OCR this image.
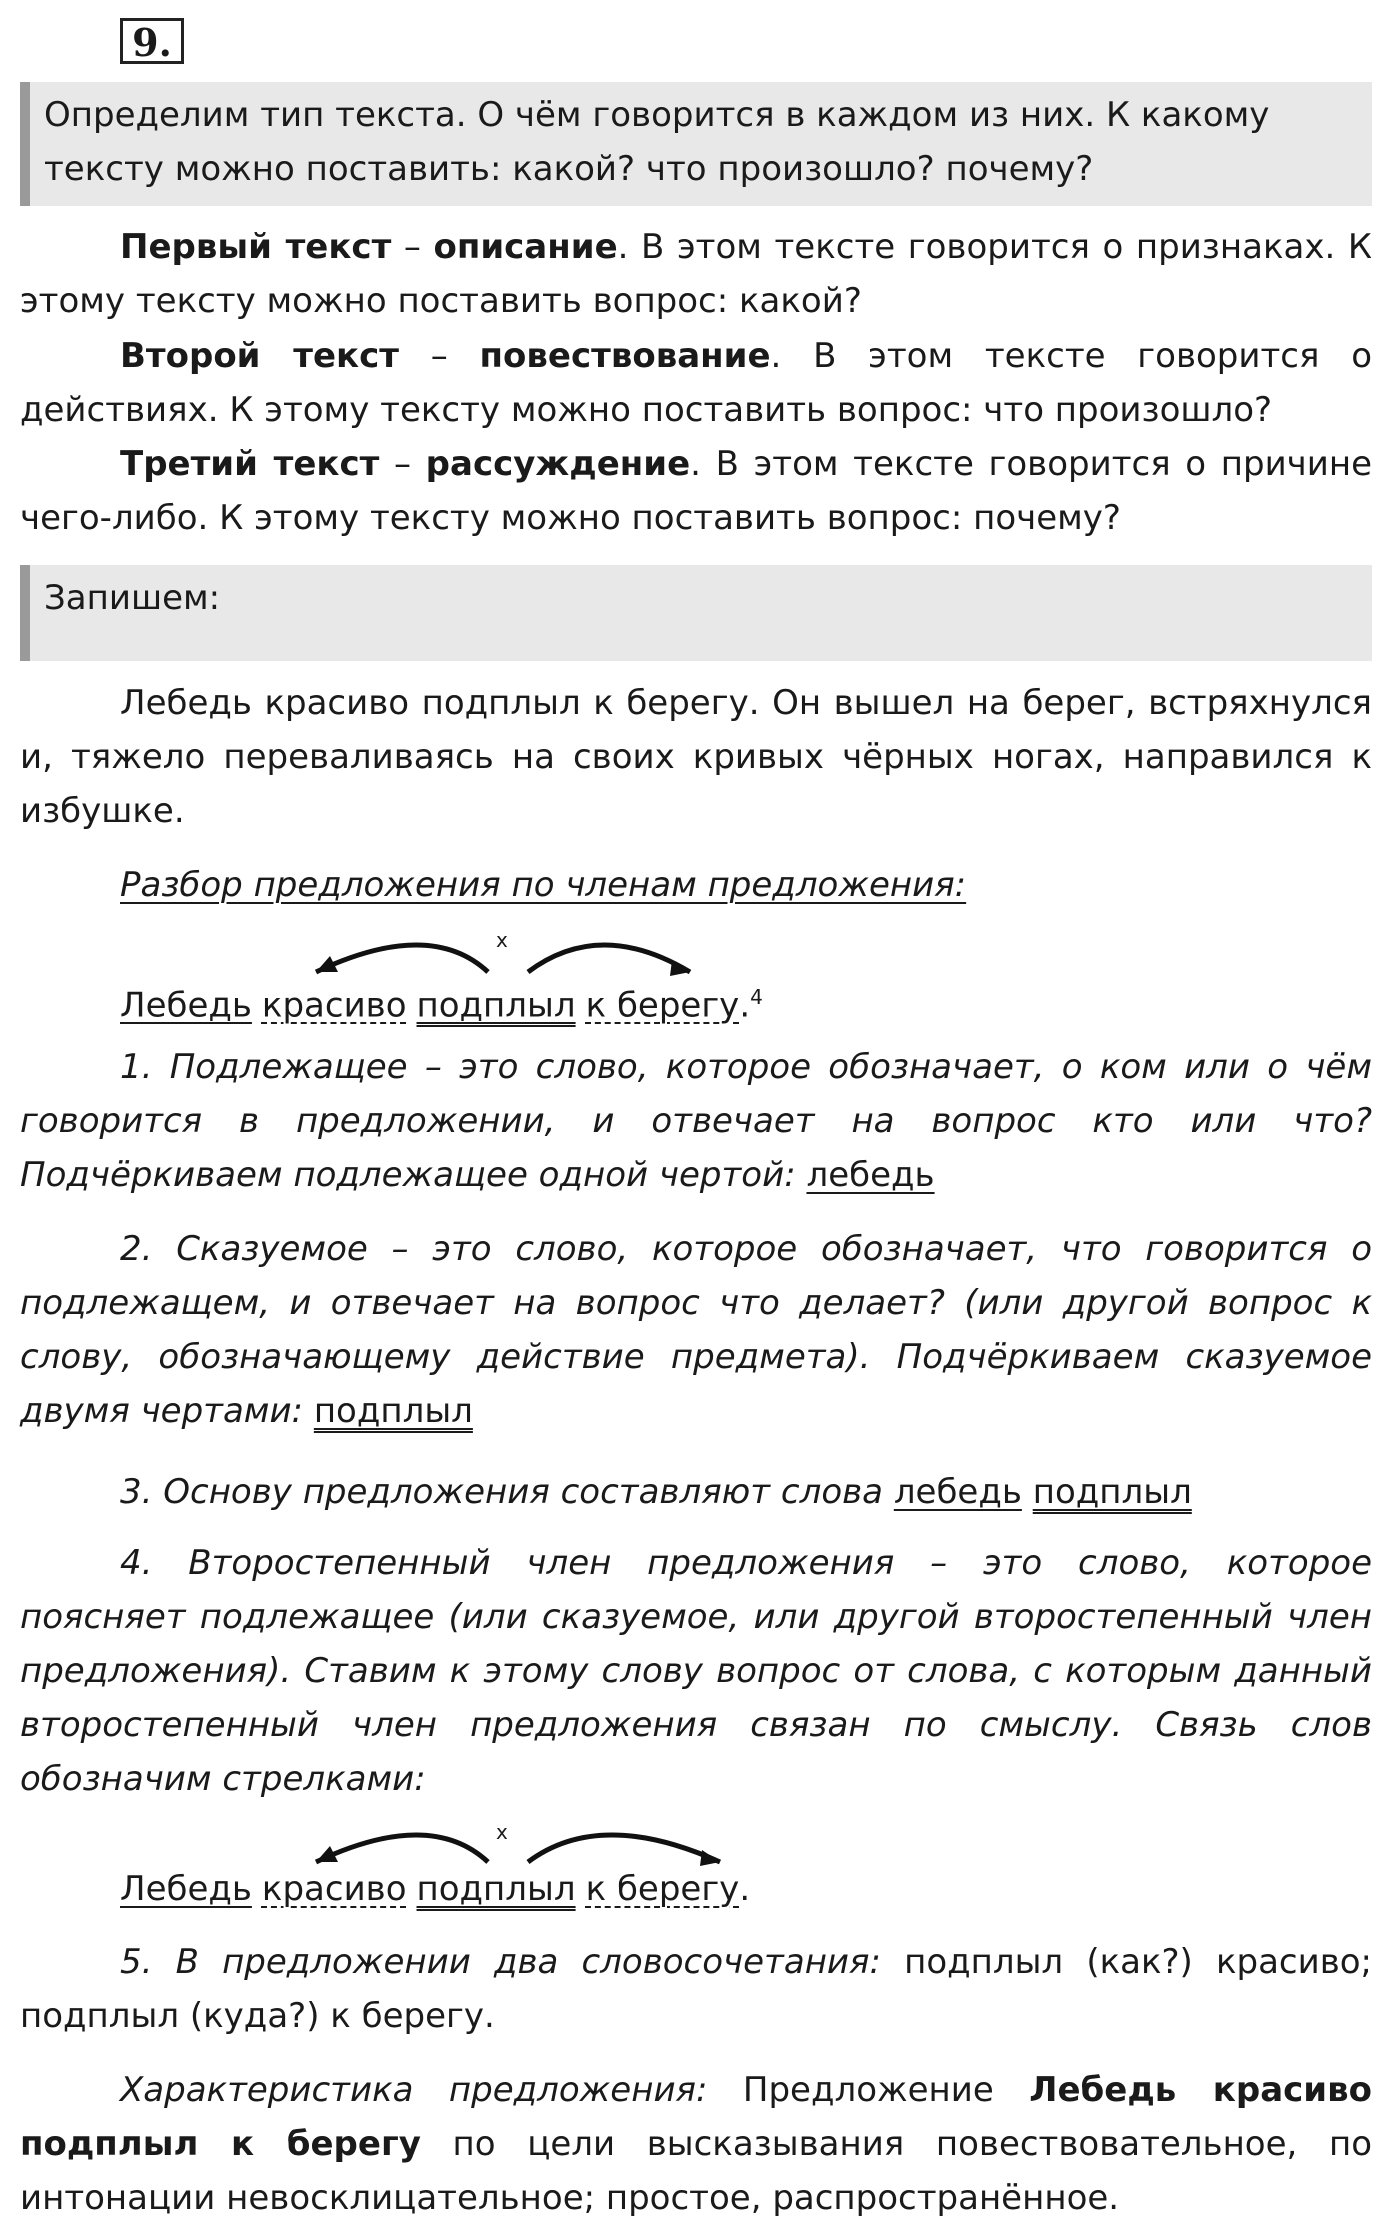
9.
Определим тип текста. О чём говорится в каждом из них. К какому тексту можно поставить: какой? что произошло? почему?

Первый текст – описание. В этом тексте говорится о признаках. К этому тексту можно поставить вопрос: какой?

Второй текст – повествование. В этом тексте говорится о действиях. К этому тексту можно поставить вопрос: что произошло?

Третий текст – рассуждение. В этом тексте говорится о причине чего-либо. К этому тексту можно поставить вопрос: почему?

Запишем:

Лебедь красиво подплыл к берегу. Он вышел на берег, встряхнулся и, тяжело переваливаясь на своих кривых чёрных ногах, направился к избушке.

Разбор предложения по членам предложения:
x
Лебедь красиво подплыл к берегу.$^4$

1. Подлежащее – это слово, которое обозначает, о ком или о чём говорится в предложении, и отвечает на вопрос кто или что? Подчёркиваем подлежащее одной чертой: лебедь

2. Сказуемое – это слово, которое обозначает, что говорится о подлежащем, и отвечает на вопрос что делает? (или другой вопрос к слову, обозначающему действие предмета). Подчёркиваем сказуемое двумя чертами: подплыл

3. Основу предложения составляют слова лебедь подплыл

4. Второстепенный член предложения – это слово, которое поясняет подлежащее (или сказуемое, или другой второстепенный член предложения). Ставим к этому слову вопрос от слова, с которым данный второстепенный член предложения связан по смыслу. Связь слов обозначим стрелками:

x
Лебедь красиво подплыл к берегу.

5. В предложении два словосочетания: подплыл (как?) красиво; подплыл (куда?) к берегу.

Характеристика предложения: Предложение Лебедь красиво подплыл к берегу по цели высказывания повествовательное, по интонации невосклицательное; простое, распространённое.
